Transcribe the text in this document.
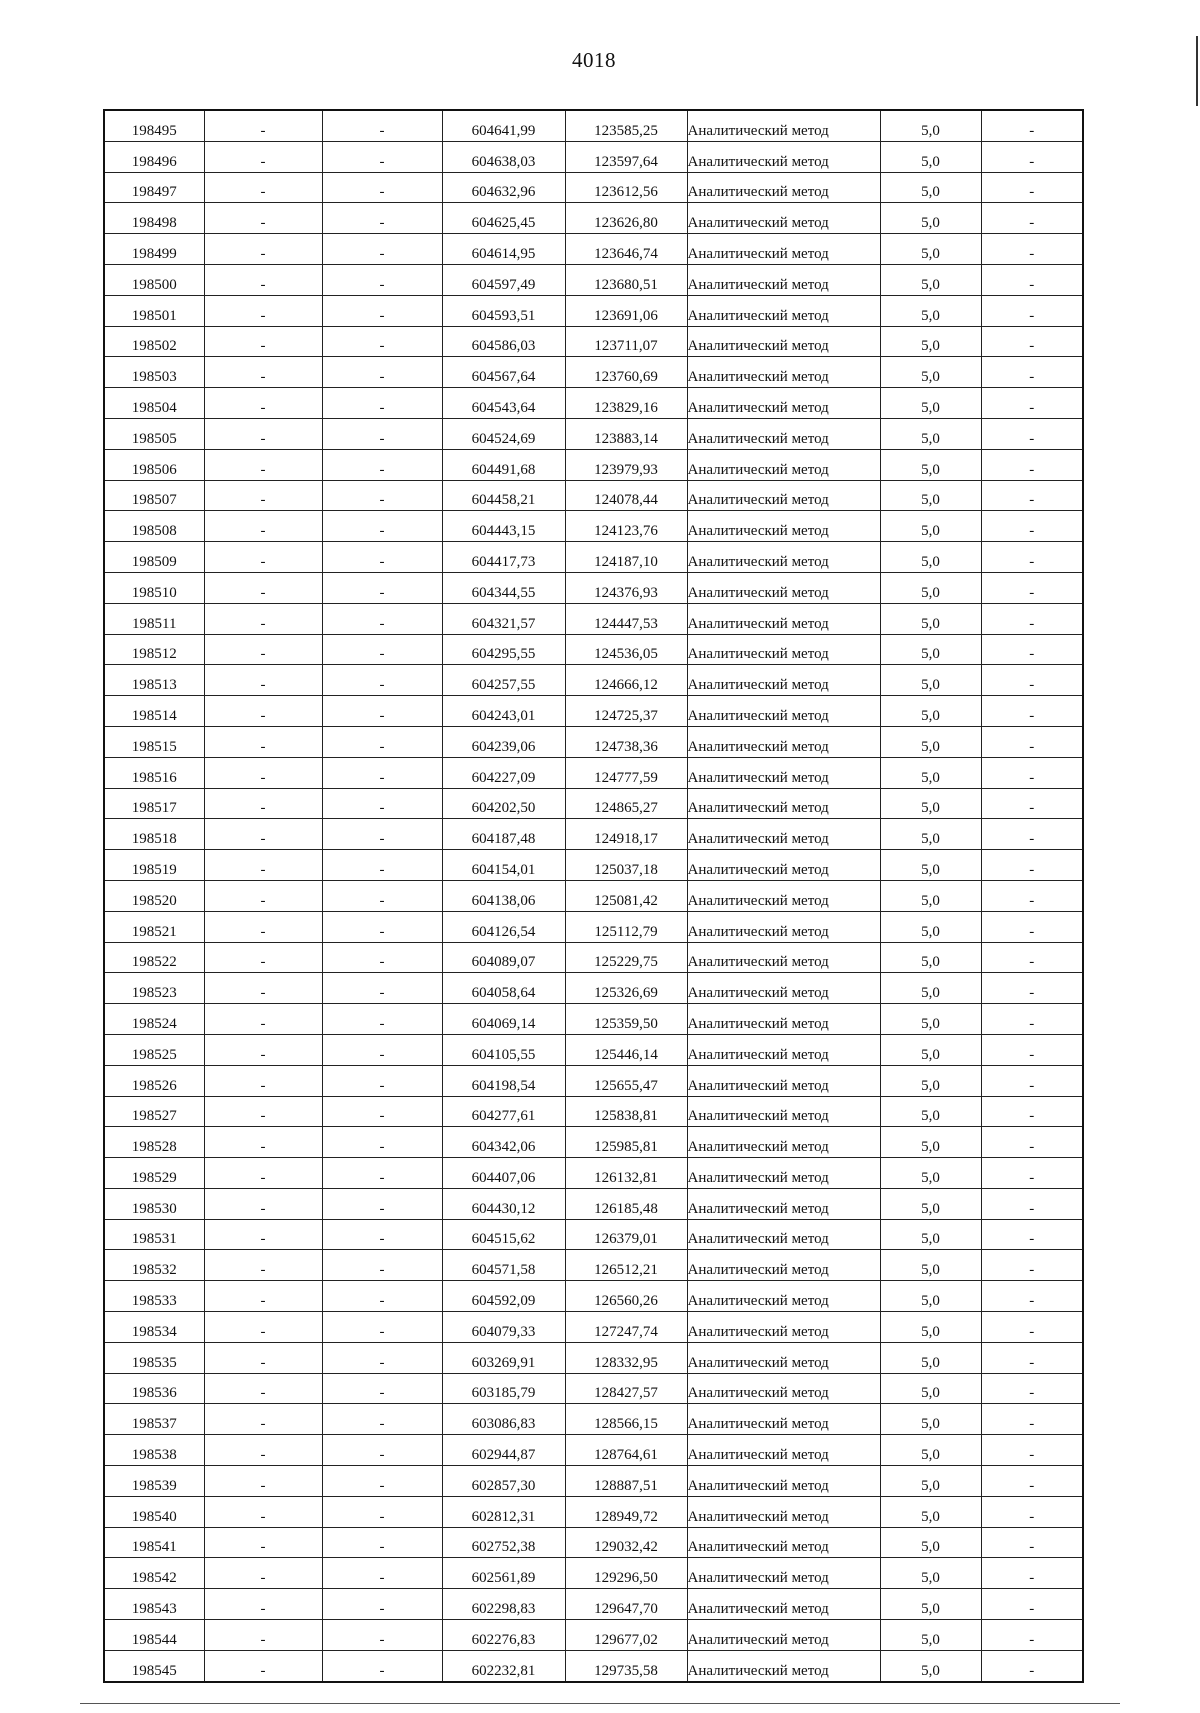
4018
198495	-	-	604641,99	123585,25	Аналитический метод	5,0	-
198496	-	-	604638,03	123597,64	Аналитический метод	5,0	-
198497	-	-	604632,96	123612,56	Аналитический метод	5,0	-
198498	-	-	604625,45	123626,80	Аналитический метод	5,0	-
198499	-	-	604614,95	123646,74	Аналитический метод	5,0	-
198500	-	-	604597,49	123680,51	Аналитический метод	5,0	-
198501	-	-	604593,51	123691,06	Аналитический метод	5,0	-
198502	-	-	604586,03	123711,07	Аналитический метод	5,0	-
198503	-	-	604567,64	123760,69	Аналитический метод	5,0	-
198504	-	-	604543,64	123829,16	Аналитический метод	5,0	-
198505	-	-	604524,69	123883,14	Аналитический метод	5,0	-
198506	-	-	604491,68	123979,93	Аналитический метод	5,0	-
198507	-	-	604458,21	124078,44	Аналитический метод	5,0	-
198508	-	-	604443,15	124123,76	Аналитический метод	5,0	-
198509	-	-	604417,73	124187,10	Аналитический метод	5,0	-
198510	-	-	604344,55	124376,93	Аналитический метод	5,0	-
198511	-	-	604321,57	124447,53	Аналитический метод	5,0	-
198512	-	-	604295,55	124536,05	Аналитический метод	5,0	-
198513	-	-	604257,55	124666,12	Аналитический метод	5,0	-
198514	-	-	604243,01	124725,37	Аналитический метод	5,0	-
198515	-	-	604239,06	124738,36	Аналитический метод	5,0	-
198516	-	-	604227,09	124777,59	Аналитический метод	5,0	-
198517	-	-	604202,50	124865,27	Аналитический метод	5,0	-
198518	-	-	604187,48	124918,17	Аналитический метод	5,0	-
198519	-	-	604154,01	125037,18	Аналитический метод	5,0	-
198520	-	-	604138,06	125081,42	Аналитический метод	5,0	-
198521	-	-	604126,54	125112,79	Аналитический метод	5,0	-
198522	-	-	604089,07	125229,75	Аналитический метод	5,0	-
198523	-	-	604058,64	125326,69	Аналитический метод	5,0	-
198524	-	-	604069,14	125359,50	Аналитический метод	5,0	-
198525	-	-	604105,55	125446,14	Аналитический метод	5,0	-
198526	-	-	604198,54	125655,47	Аналитический метод	5,0	-
198527	-	-	604277,61	125838,81	Аналитический метод	5,0	-
198528	-	-	604342,06	125985,81	Аналитический метод	5,0	-
198529	-	-	604407,06	126132,81	Аналитический метод	5,0	-
198530	-	-	604430,12	126185,48	Аналитический метод	5,0	-
198531	-	-	604515,62	126379,01	Аналитический метод	5,0	-
198532	-	-	604571,58	126512,21	Аналитический метод	5,0	-
198533	-	-	604592,09	126560,26	Аналитический метод	5,0	-
198534	-	-	604079,33	127247,74	Аналитический метод	5,0	-
198535	-	-	603269,91	128332,95	Аналитический метод	5,0	-
198536	-	-	603185,79	128427,57	Аналитический метод	5,0	-
198537	-	-	603086,83	128566,15	Аналитический метод	5,0	-
198538	-	-	602944,87	128764,61	Аналитический метод	5,0	-
198539	-	-	602857,30	128887,51	Аналитический метод	5,0	-
198540	-	-	602812,31	128949,72	Аналитический метод	5,0	-
198541	-	-	602752,38	129032,42	Аналитический метод	5,0	-
198542	-	-	602561,89	129296,50	Аналитический метод	5,0	-
198543	-	-	602298,83	129647,70	Аналитический метод	5,0	-
198544	-	-	602276,83	129677,02	Аналитический метод	5,0	-
198545	-	-	602232,81	129735,58	Аналитический метод	5,0	-
